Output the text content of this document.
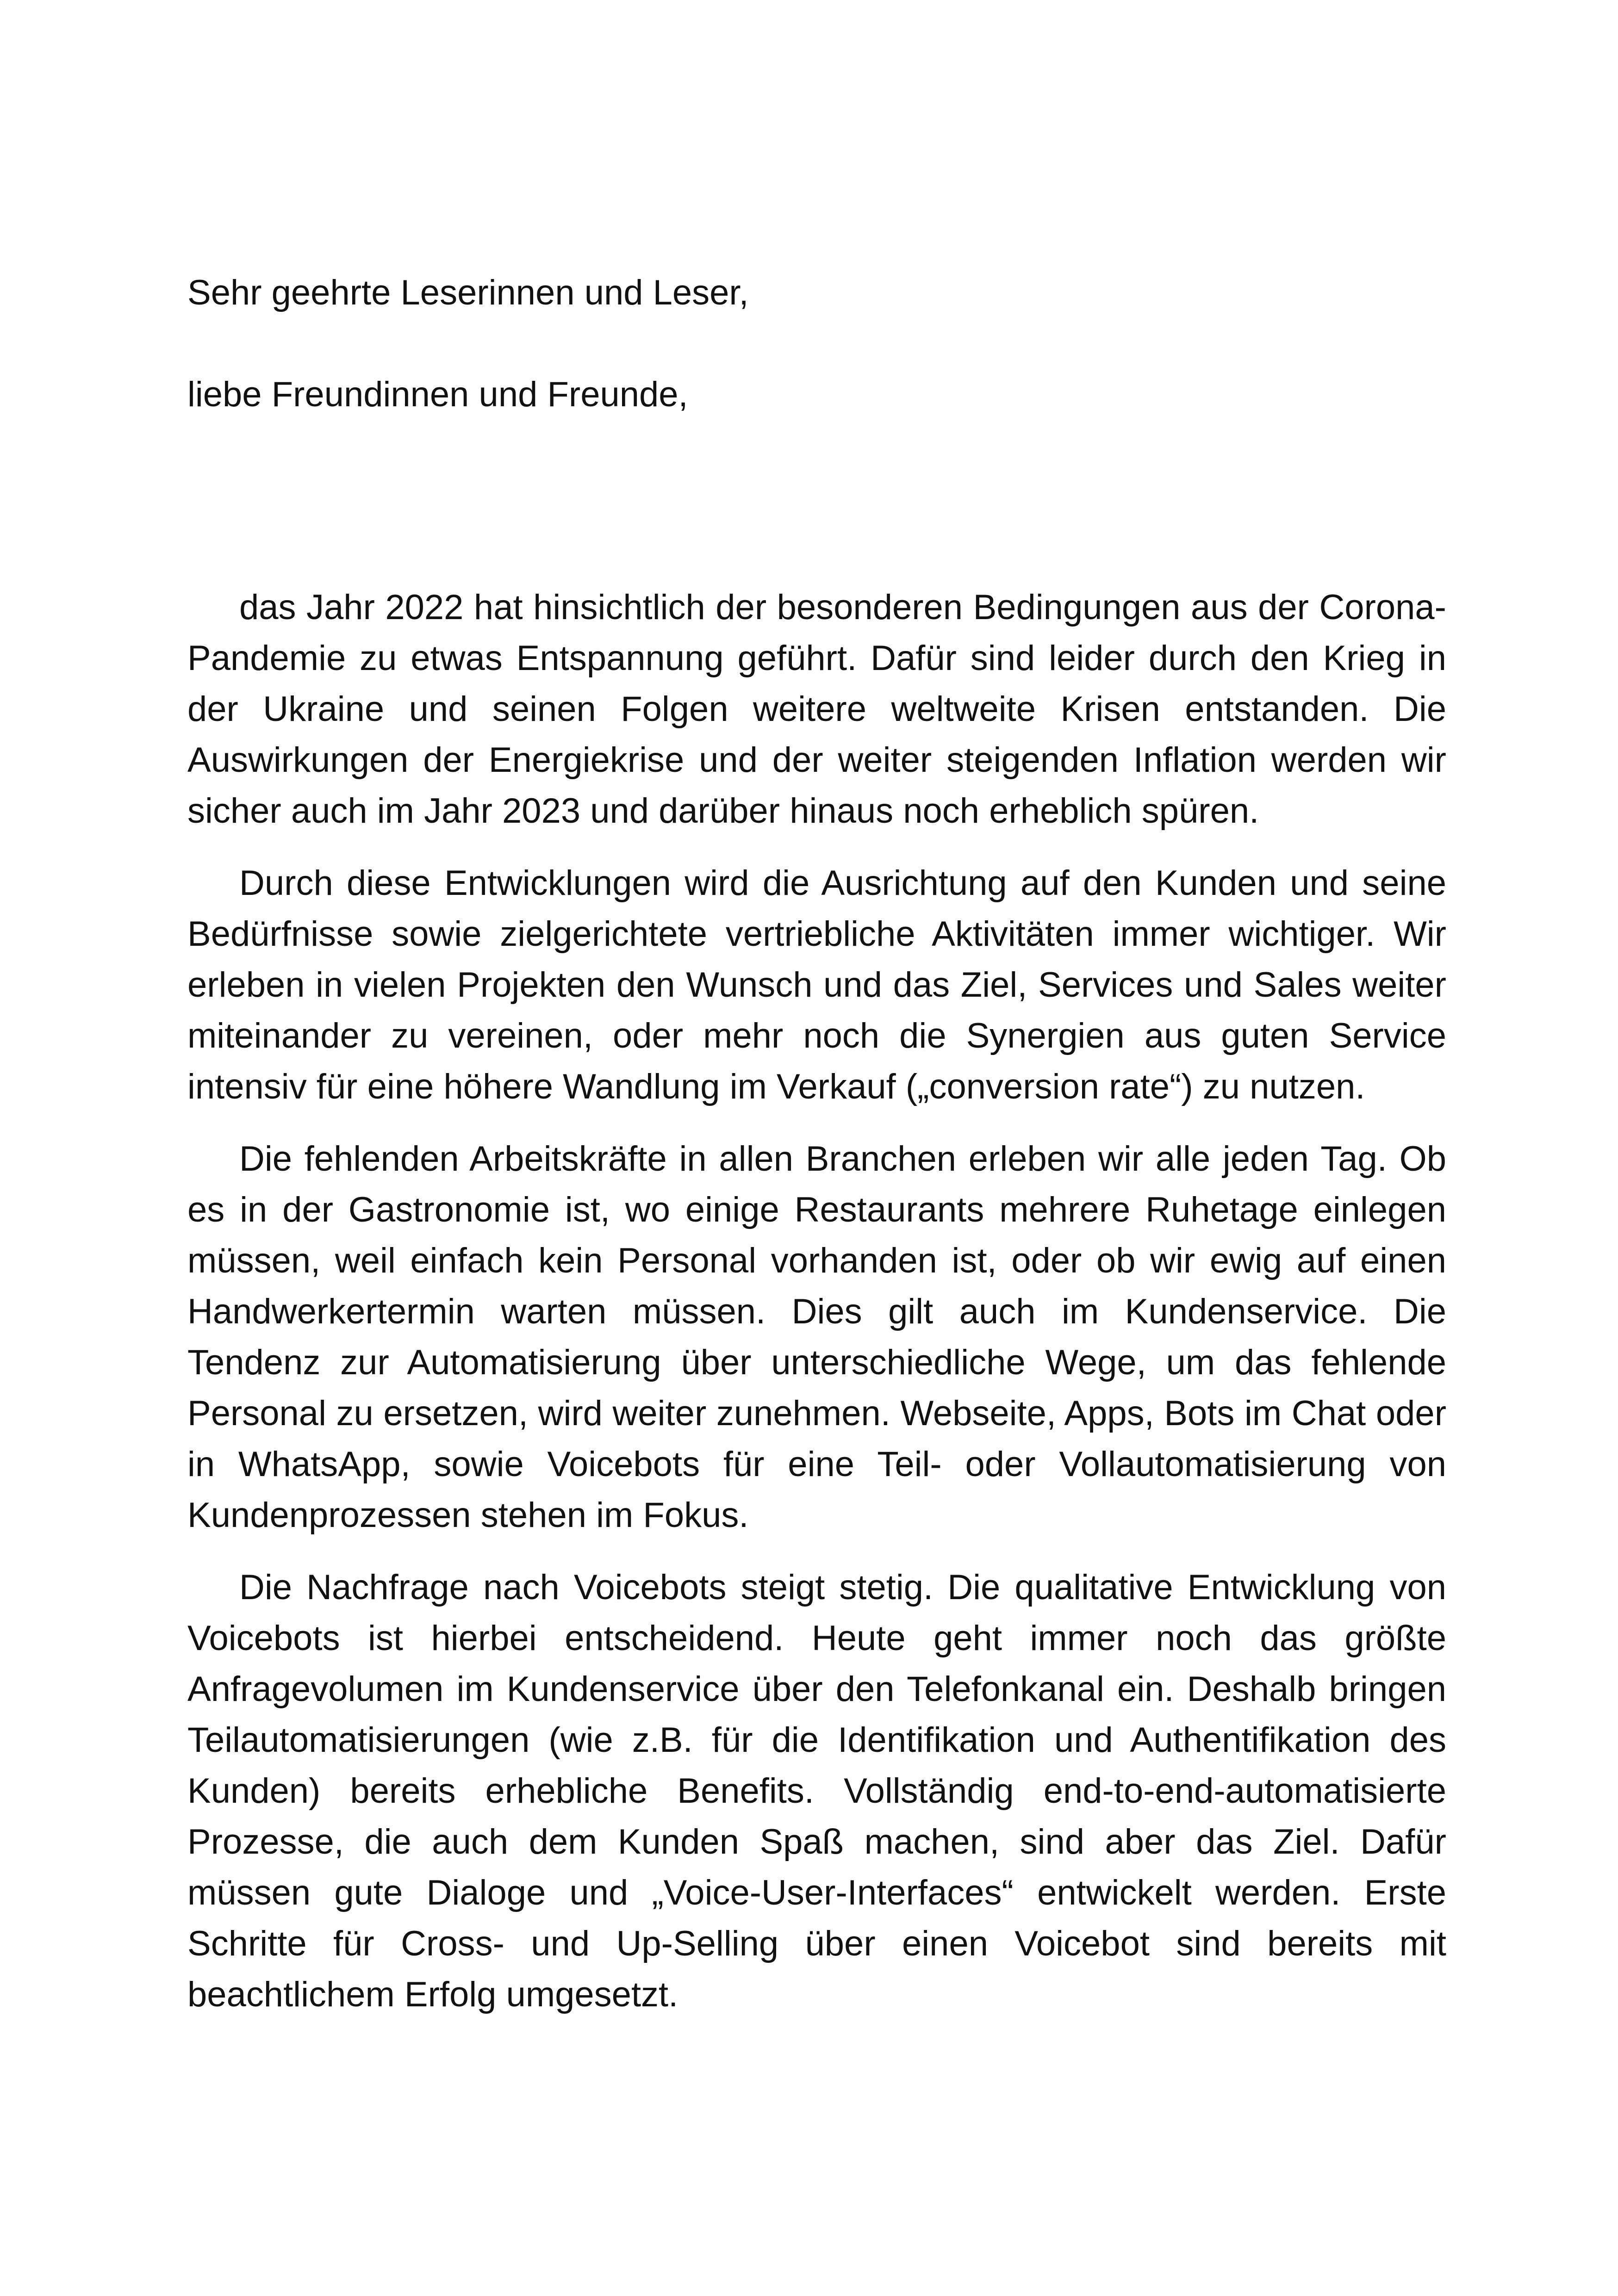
Sehr geehrte Leserinnen und Leser,

liebe Freundinnen und Freunde,

das Jahr 2022 hat hinsichtlich der besonderen Bedingungen aus der Corona-Pandemie zu etwas Entspannung geführt. Dafür sind leider durch den Krieg in der Ukraine und seinen Folgen weitere weltweite Krisen entstanden. Die Auswirkungen der Energiekrise und der weiter steigenden Inflation werden wir sicher auch im Jahr 2023 und darüber hinaus noch erheblich spüren.

Durch diese Entwicklungen wird die Ausrichtung auf den Kunden und seine Bedürfnisse sowie zielgerichtete vertriebliche Aktivitäten immer wichtiger. Wir erleben in vielen Projekten den Wunsch und das Ziel, Services und Sales weiter miteinander zu vereinen, oder mehr noch die Synergien aus guten Service intensiv für eine höhere Wandlung im Verkauf („conversion rate“) zu nutzen.

Die fehlenden Arbeitskräfte in allen Branchen erleben wir alle jeden Tag. Ob es in der Gastronomie ist, wo einige Restaurants mehrere Ruhetage einlegen müssen, weil einfach kein Personal vorhanden ist, oder ob wir ewig auf einen Handwerkertermin warten müssen. Dies gilt auch im Kundenservice. Die Tendenz zur Automatisierung über unterschiedliche Wege, um das fehlende Personal zu ersetzen, wird weiter zunehmen. Webseite, Apps, Bots im Chat oder in WhatsApp, sowie Voicebots für eine Teil- oder Vollautomatisierung von Kundenprozessen stehen im Fokus.

Die Nachfrage nach Voicebots steigt stetig. Die qualitative Entwicklung von Voicebots ist hierbei entscheidend. Heute geht immer noch das größte Anfragevolumen im Kundenservice über den Telefonkanal ein. Deshalb bringen Teilautomatisierungen (wie z.B. für die Identifikation und Authentifikation des Kunden) bereits erhebliche Benefits. Vollständig end-to-end-automatisierte Prozesse, die auch dem Kunden Spaß machen, sind aber das Ziel. Dafür müssen gute Dialoge und „Voice-User-Interfaces“ entwickelt werden. Erste Schritte für Cross- und Up-Selling über einen Voicebot sind bereits mit beachtlichem Erfolg umgesetzt.
